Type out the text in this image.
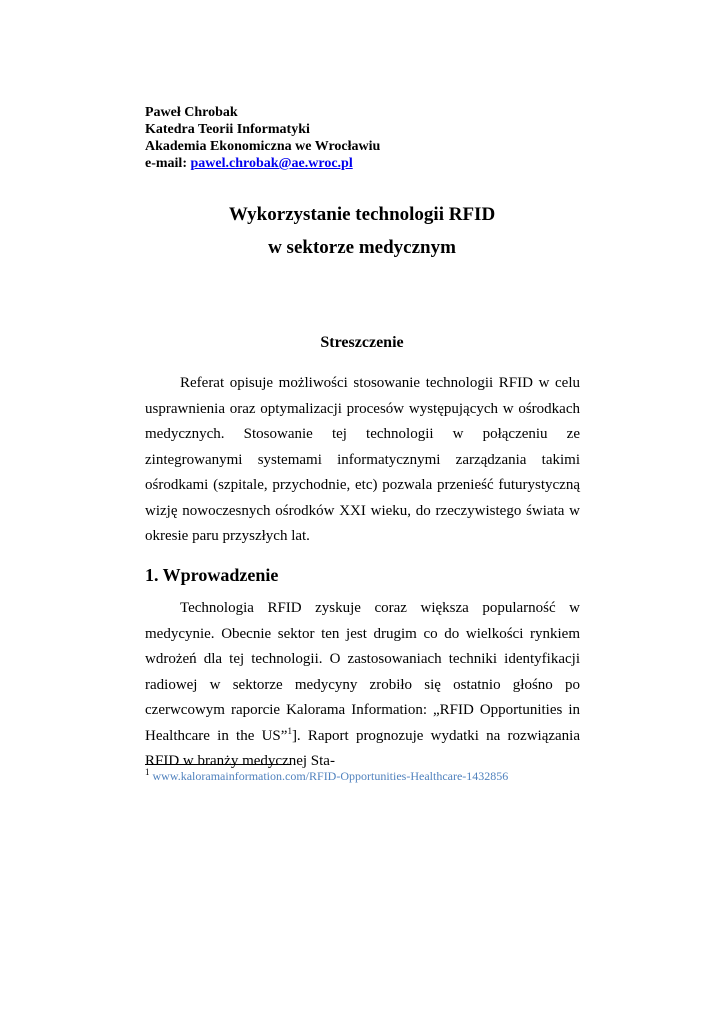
Paweł Chrobak
Katedra Teorii Informatyki
Akademia Ekonomiczna we Wrocławiu
e-mail: pawel.chrobak@ae.wroc.pl
Wykorzystanie technologii RFID
w sektorze medycznym
Streszczenie

Referat opisuje możliwości stosowanie technologii RFID w celu usprawnienia oraz optymalizacji procesów występujących w ośrodkach medycznych. Stosowanie tej technologii w połączeniu ze zintegrowanymi systemami informatycznymi zarządzania takimi ośrodkami (szpitale, przychodnie, etc) pozwala przenieść futurystyczną wizję nowoczesnych ośrodków XXI wieku, do rzeczywistego świata w okresie paru przyszłych lat.

1. Wprowadzenie

Technologia RFID zyskuje coraz większa popularność w medycynie. Obecnie sektor ten jest drugim co do wielkości rynkiem wdrożeń dla tej technologii. O zastosowaniach techniki identyfikacji radiowej w sektorze medycyny zrobiło się ostatnio głośno po czerwcowym raporcie Kalorama Information: „RFID Opportunities in Healthcare in the US”$^1$]. Raport prognozuje wydatki na rozwiązania RFID w branży medycznej Sta-

$^1$ www.kaloramainformation.com/RFID-Opportunities-Healthcare-1432856
